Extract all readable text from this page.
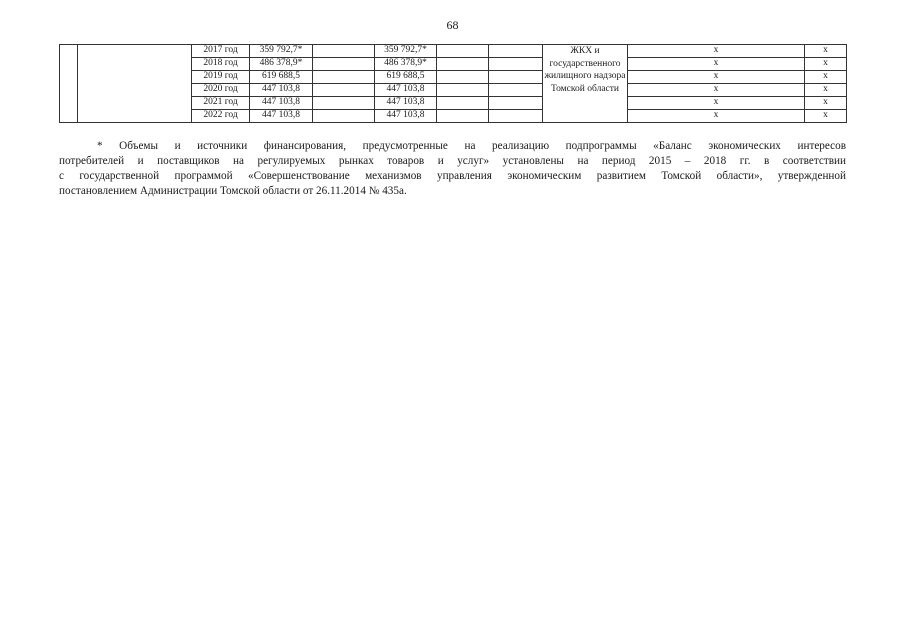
68
		2017 год	359 792,7*		359 792,7*			ЖКХ и государственного жилищного надзора Томской области	х	х
		2018 год	486 378,9*		486 378,9*				х	х
		2019 год	619 688,5		619 688,5				х	х
		2020 год	447 103,8		447 103,8				х	х
		2021 год	447 103,8		447 103,8				х	х
		2022 год	447 103,8		447 103,8				х	х

* Объемы и источники финансирования, предусмотренные на реализацию подпрограммы «Баланс экономических интересов
потребителей и поставщиков на регулируемых рынках товаров и услуг» установлены на период 2015 – 2018 гг. в соответствии
с государственной программой «Совершенствование механизмов управления экономическим развитием Томской области», утвержденной
постановлением Администрации Томской области от 26.11.2014 № 435а.
